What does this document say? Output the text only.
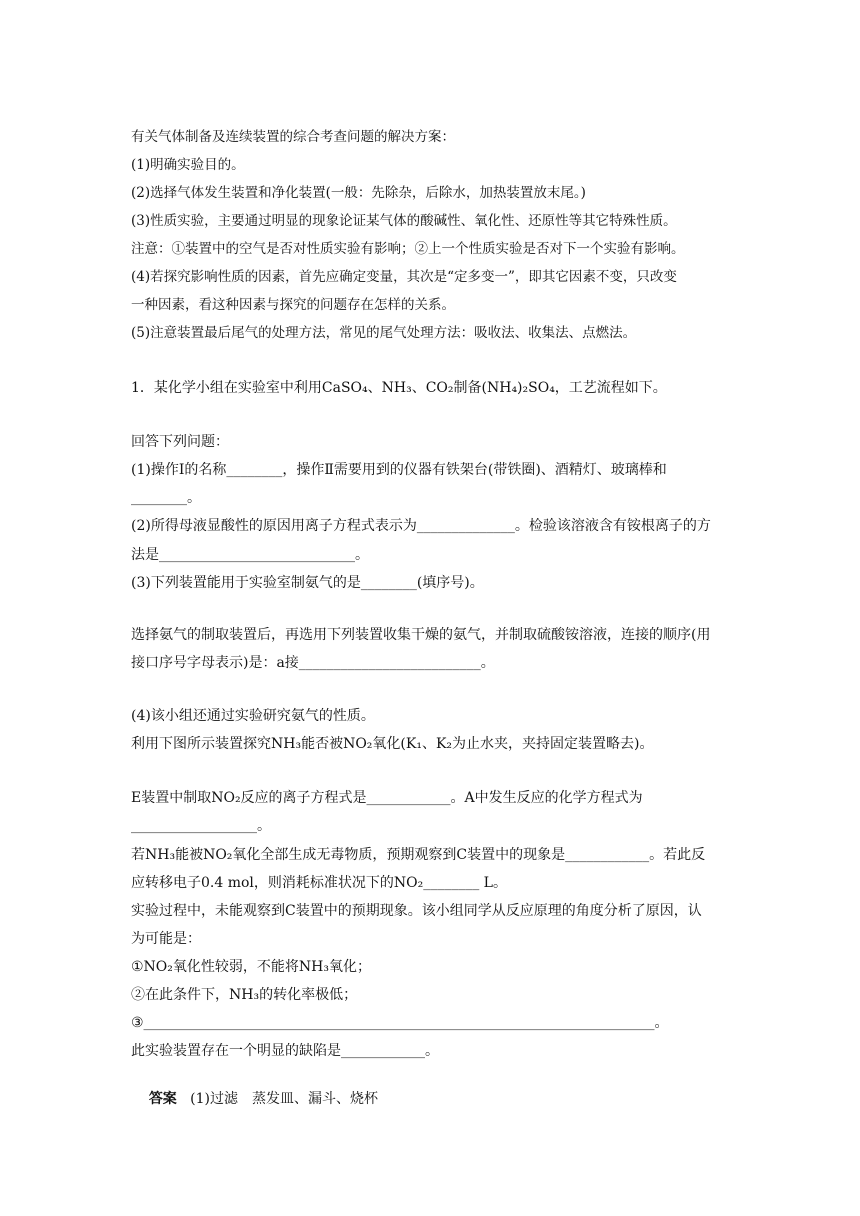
有关气体制备及连续装置的综合考查问题的解决方案：
(1)明确实验目的。
(2)选择气体发生装置和净化装置(一般：先除杂，后除水，加热装置放末尾。)
(3)性质实验，主要通过明显的现象论证某气体的酸碱性、氧化性、还原性等其它特殊性质。
注意：①装置中的空气是否对性质实验有影响；②上一个性质实验是否对下一个实验有影响。
(4)若探究影响性质的因素，首先应确定变量，其次是“定多变一”，即其它因素不变，只改变
一种因素，看这种因素与探究的问题存在怎样的关系。
(5)注意装置最后尾气的处理方法，常见的尾气处理方法：吸收法、收集法、点燃法。
1．某化学小组在实验室中利用CaSO₄、NH₃、CO₂制备(NH₄)₂SO₄，工艺流程如下。
回答下列问题：
(1)操作Ⅰ的名称________，操作Ⅱ需要用到的仪器有铁架台(带铁圈)、酒精灯、玻璃棒和
________。
(2)所得母液显酸性的原因用离子方程式表示为______________。检验该溶液含有铵根离子的方
法是____________________________。
(3)下列装置能用于实验室制氨气的是________(填序号)。
选择氨气的制取装置后，再选用下列装置收集干燥的氨气，并制取硫酸铵溶液，连接的顺序(用
接口序号字母表示)是：a接__________________________。
(4)该小组还通过实验研究氨气的性质。
利用下图所示装置探究NH₃能否被NO₂氧化(K₁、K₂为止水夹，夹持固定装置略去)。
E装置中制取NO₂反应的离子方程式是____________。A中发生反应的化学方程式为
__________________。
若NH₃能被NO₂氧化全部生成无毒物质，预期观察到C装置中的现象是____________。若此反
应转移电子0.4 mol，则消耗标准状况下的NO₂________ L。
实验过程中，未能观察到C装置中的预期现象。该小组同学从反应原理的角度分析了原因，认
为可能是：
①NO₂氧化性较弱，不能将NH₃氧化；
②在此条件下，NH₃的转化率极低；
③_________________________________________________________________________。
此实验装置存在一个明显的缺陷是____________。

答案 (1)过滤　蒸发皿、漏斗、烧杯
